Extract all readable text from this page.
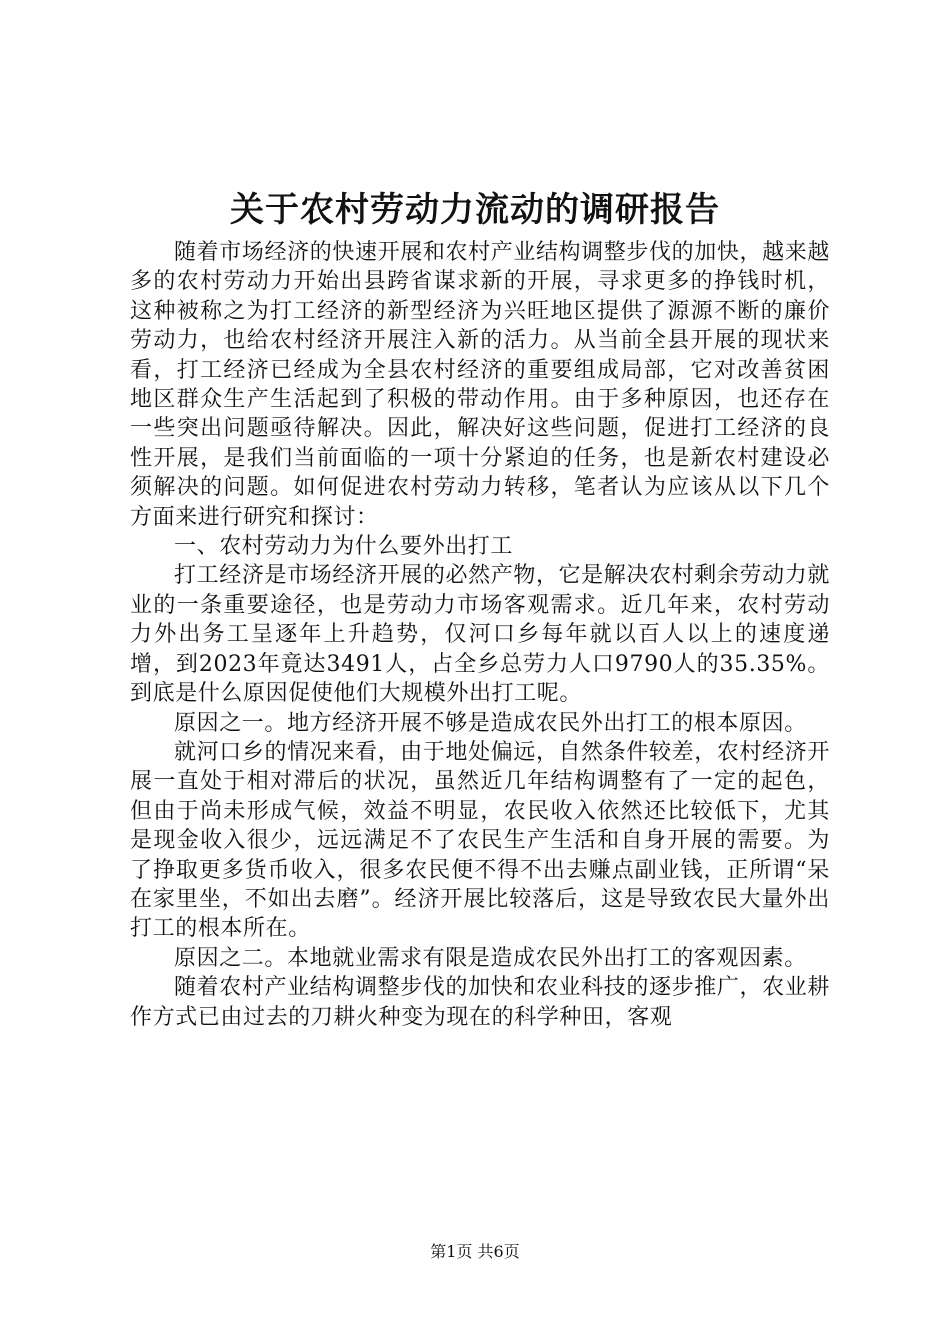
关于农村劳动力流动的调研报告

随着市场经济的快速开展和农村产业结构调整步伐的加快，越来越多的农村劳动力开始出县跨省谋求新的开展，寻求更多的挣钱时机，这种被称之为打工经济的新型经济为兴旺地区提供了源源不断的廉价劳动力，也给农村经济开展注入新的活力。从当前全县开展的现状来看，打工经济已经成为全县农村经济的重要组成局部，它对改善贫困地区群众生产生活起到了积极的带动作用。由于多种原因，也还存在一些突出问题亟待解决。因此，解决好这些问题，促进打工经济的良性开展，是我们当前面临的一项十分紧迫的任务，也是新农村建设必须解决的问题。如何促进农村劳动力转移，笔者认为应该从以下几个方面来进行研究和探讨：

一、农村劳动力为什么要外出打工

打工经济是市场经济开展的必然产物，它是解决农村剩余劳动力就业的一条重要途径，也是劳动力市场客观需求。近几年来，农村劳动力外出务工呈逐年上升趋势，仅河口乡每年就以百人以上的速度递增，到2023年竟达3491人，占全乡总劳力人口9790人的35.35%。到底是什么原因促使他们大规模外出打工呢。

原因之一。地方经济开展不够是造成农民外出打工的根本原因。

就河口乡的情况来看，由于地处偏远，自然条件较差，农村经济开展一直处于相对滞后的状况，虽然近几年结构调整有了一定的起色，但由于尚未形成气候，效益不明显，农民收入依然还比较低下，尤其是现金收入很少，远远满足不了农民生产生活和自身开展的需要。为了挣取更多货币收入，很多农民便不得不出去赚点副业钱，正所谓“呆在家里坐，不如出去磨”。经济开展比较落后，这是导致农民大量外出打工的根本所在。

原因之二。本地就业需求有限是造成农民外出打工的客观因素。

随着农村产业结构调整步伐的加快和农业科技的逐步推广，农业耕作方式已由过去的刀耕火种变为现在的科学种田，客观

第1页 共6页
